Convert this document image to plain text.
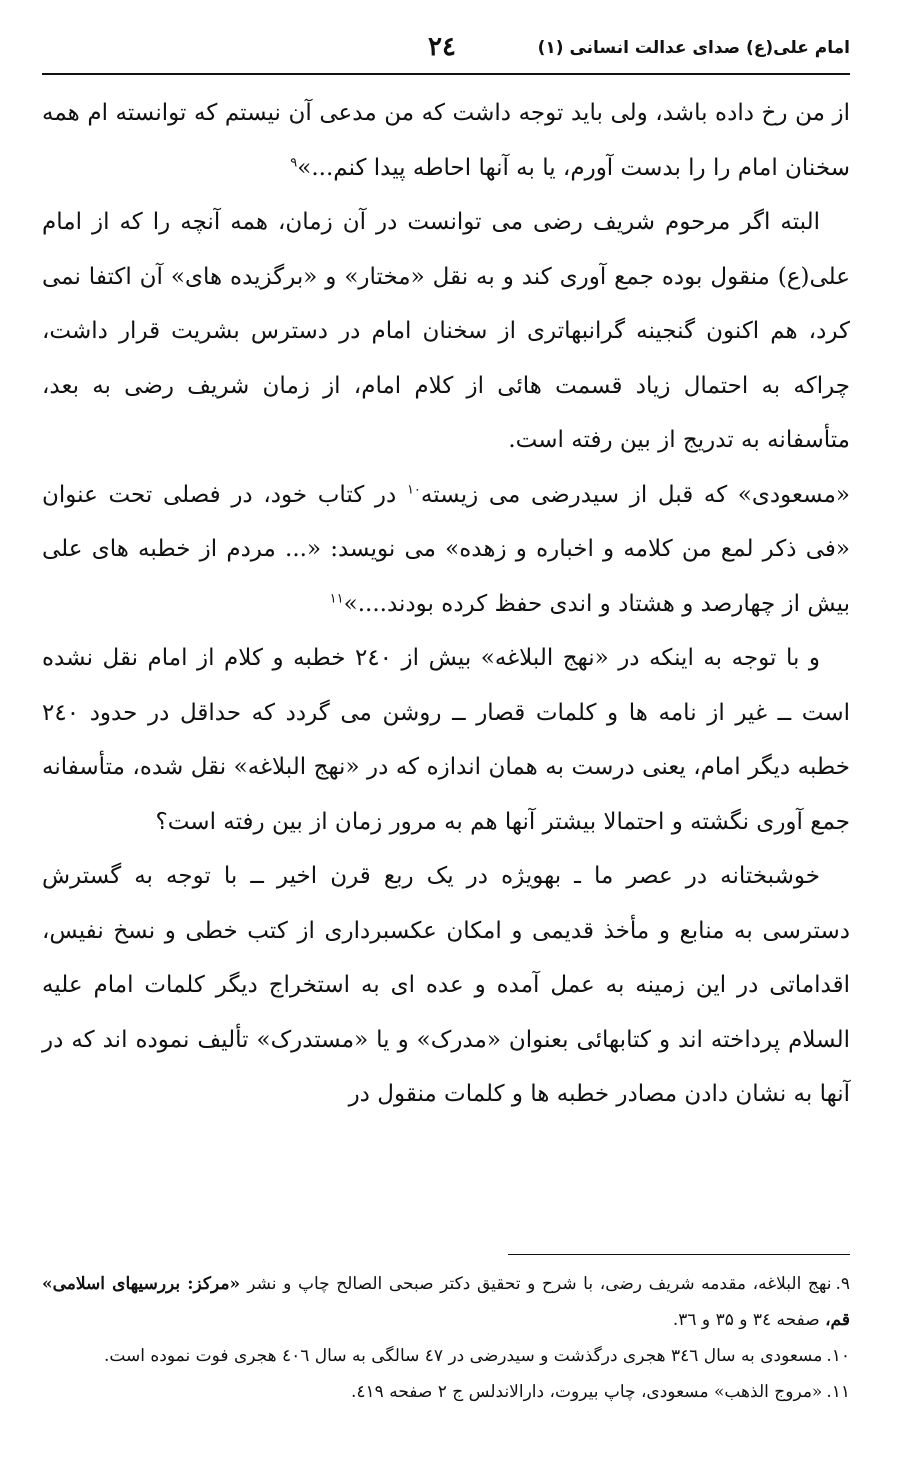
امام علی(ع) صدای عدالت انسانی (۱)
۲٤

از من رخ داده باشد، ولی باید توجه داشت که من مدعی آن نیستم که توانسته ام همه سخنان امام را را بدست آورم، یا به آنها احاطه پیدا کنم...»$^۹$

البته اگر مرحوم شریف رضی می توانست در آن زمان، همه آنچه را که از امام علی(ع) منقول بوده جمع آوری کند و به نقل «مختار» و «برگزیده های» آن اکتفا نمی کرد، هم اکنون گنجینه گرانبهاتری از سخنان امام در دسترس بشریت قرار داشت، چراکه به احتمال زیاد قسمت هائی از کلام امام، از زمان شریف رضی به بعد، متأسفانه به تدریج از بین رفته است.

«مسعودی» که قبل از سیدرضی می زیسته$^{۱۰}$ در کتاب خود، در فصلی تحت عنوان «فی ذکر لمع من کلامه و اخباره و زهده» می نویسد: «... مردم از خطبه های علی بیش از چهارصد و هشتاد و اندی حفظ کرده بودند....»$^{۱۱}$

و با توجه به اینکه در «نهج البلاغه» بیش از ۲٤۰ خطبه و کلام از امام نقل نشده است ــ غیر از نامه ها و کلمات قصار ــ روشن می گردد که حداقل در حدود ۲٤۰ خطبه دیگر امام، یعنی درست به همان اندازه که در «نهج البلاغه» نقل شده، متأسفانه جمع آوری نگشته و احتمالا بیشتر آنها هم به مرور زمان از بین رفته است؟

خوشبختانه در عصر ما ـ بهویژه در یک ربع قرن اخیر ــ با توجه به گسترش دسترسی به منابع و مأخذ قدیمی و امکان عکسبرداری از کتب خطی و نسخ نفیس، اقداماتی در این زمینه به عمل آمده و عده ای به استخراج دیگر کلمات امام علیه السلام پرداخته اند و کتابهائی بعنوان «مدرک» و یا «مستدرک» تألیف نموده اند که در آنها به نشان دادن مصادر خطبه ها و کلمات منقول در

۹.نهج البلاغه، مقدمه شریف رضی، با شرح و تحقیق دکتر صبحی الصالح چاپ و نشر «مرکز: بررسیهای اسلامی» قم، صفحه ۳٤ و ۳۵ و ۳٦.

۱۰.مسعودی به سال ۳٤٦ هجری درگذشت و سیدرضی در ٤۷ سالگی به سال ٤۰٦ هجری فوت نموده است.

۱۱.«مروج الذهب» مسعودی، چاپ بیروت، دارالاندلس ج ۲ صفحه ٤۱۹.
